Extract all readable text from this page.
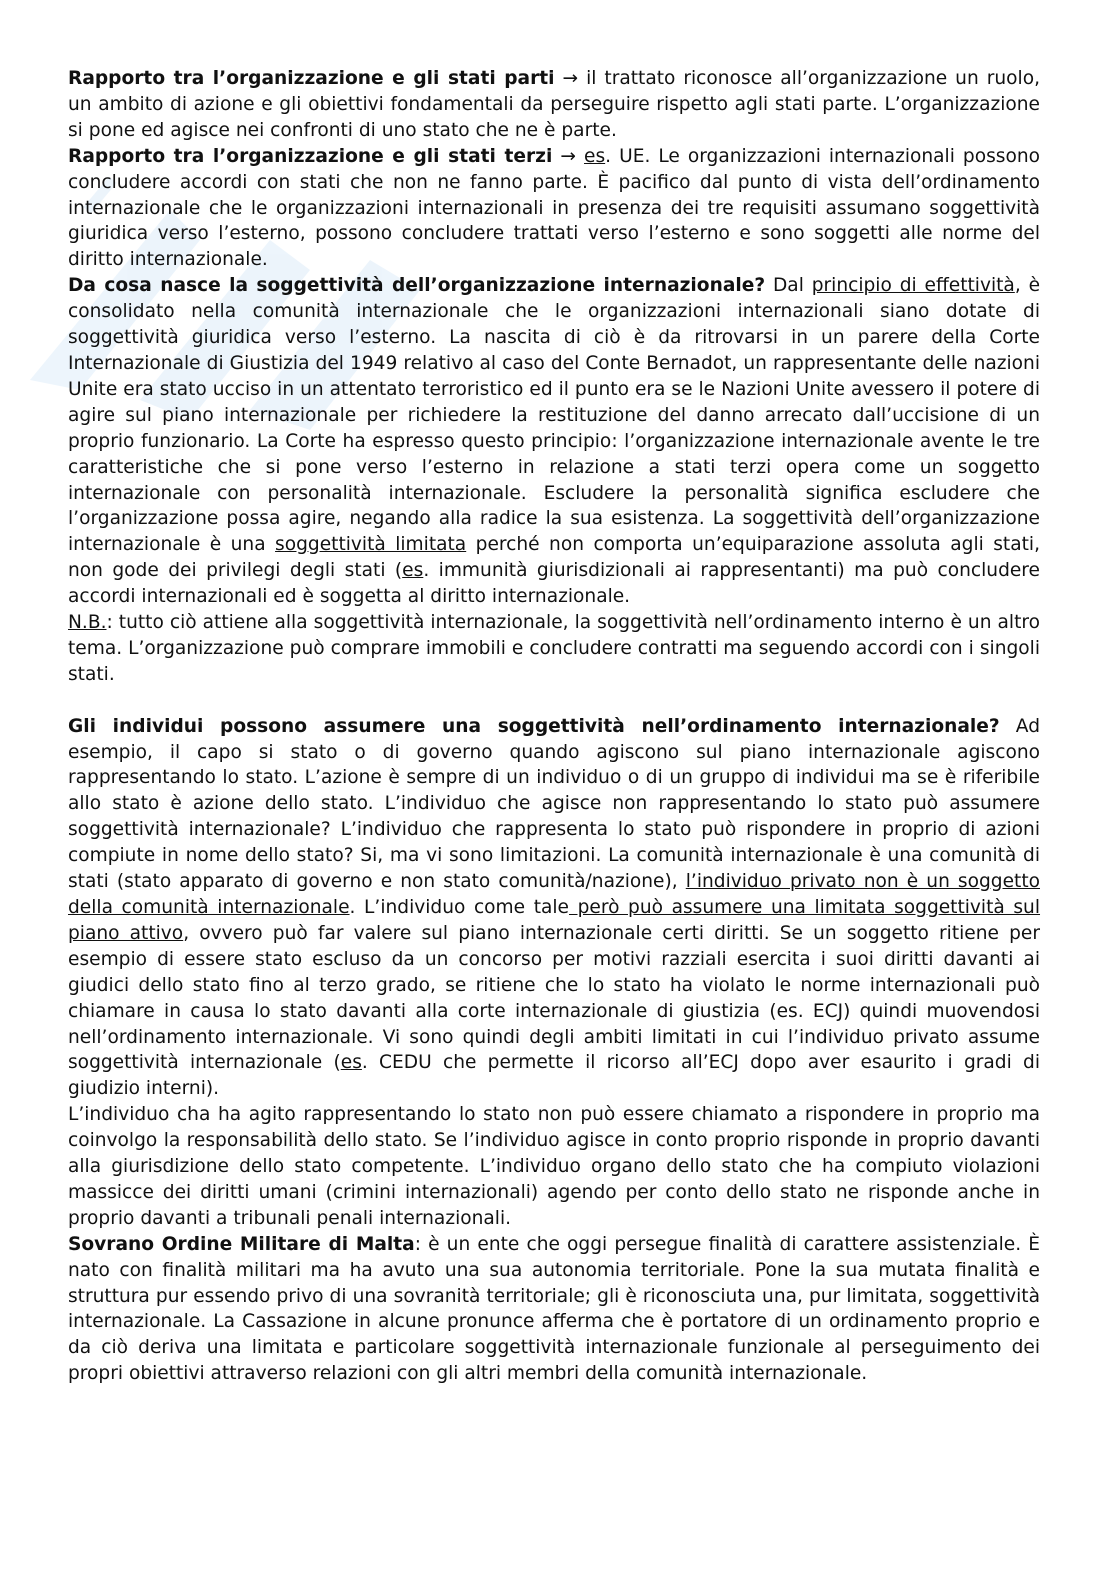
Rapporto tra l’organizzazione e gli stati parti → il trattato riconosce all’organizzazione un ruolo, un ambito di azione e gli obiettivi fondamentali da perseguire rispetto agli stati parte. L’organizzazione si pone ed agisce nei confronti di uno stato che ne è parte.

Rapporto tra l’organizzazione e gli stati terzi → es. UE. Le organizzazioni internazionali possono concludere accordi con stati che non ne fanno parte. È pacifico dal punto di vista dell’ordinamento internazionale che le organizzazioni internazionali in presenza dei tre requisiti assumano soggettività giuridica verso l’esterno, possono concludere trattati verso l’esterno e sono soggetti alle norme del diritto internazionale.

Da cosa nasce la soggettività dell’organizzazione internazionale? Dal principio di effettività, è consolidato nella comunità internazionale che le organizzazioni internazionali siano dotate di soggettività giuridica verso l’esterno. La nascita di ciò è da ritrovarsi in un parere della Corte Internazionale di Giustizia del 1949 relativo al caso del Conte Bernadot, un rappresentante delle nazioni Unite era stato ucciso in un attentato terroristico ed il punto era se le Nazioni Unite avessero il potere di agire sul piano internazionale per richiedere la restituzione del danno arrecato dall’uccisione di un proprio funzionario. La Corte ha espresso questo principio: l’organizzazione internazionale avente le tre caratteristiche che si pone verso l’esterno in relazione a stati terzi opera come un soggetto internazionale con personalità internazionale. Escludere la personalità significa escludere che l’organizzazione possa agire, negando alla radice la sua esistenza. La soggettività dell’organizzazione internazionale è una soggettività limitata perché non comporta un’equiparazione assoluta agli stati, non gode dei privilegi degli stati (es. immunità giurisdizionali ai rappresentanti) ma può concludere accordi internazionali ed è soggetta al diritto internazionale.

N.B.: tutto ciò attiene alla soggettività internazionale, la soggettività nell’ordinamento interno è un altro tema. L’organizzazione può comprare immobili e concludere contratti ma seguendo accordi con i singoli stati.

Gli individui possono assumere una soggettività nell’ordinamento internazionale? Ad esempio, il capo si stato o di governo quando agiscono sul piano internazionale agiscono rappresentando lo stato. L’azione è sempre di un individuo o di un gruppo di individui ma se è riferibile allo stato è azione dello stato. L’individuo che agisce non rappresentando lo stato può assumere soggettività internazionale? L’individuo che rappresenta lo stato può rispondere in proprio di azioni compiute in nome dello stato? Si, ma vi sono limitazioni. La comunità internazionale è una comunità di stati (stato apparato di governo e non stato comunità/nazione), l’individuo privato non è un soggetto della comunità internazionale. L’individuo come tale però può assumere una limitata soggettività sul piano attivo, ovvero può far valere sul piano internazionale certi diritti. Se un soggetto ritiene per esempio di essere stato escluso da un concorso per motivi razziali esercita i suoi diritti davanti ai giudici dello stato fino al terzo grado, se ritiene che lo stato ha violato le norme internazionali può chiamare in causa lo stato davanti alla corte internazionale di giustizia (es. ECJ) quindi muovendosi nell’ordinamento internazionale. Vi sono quindi degli ambiti limitati in cui l’individuo privato assume soggettività internazionale (es. CEDU che permette il ricorso all’ECJ dopo aver esaurito i gradi di giudizio interni).

L’individuo cha ha agito rappresentando lo stato non può essere chiamato a rispondere in proprio ma coinvolgo la responsabilità dello stato. Se l’individuo agisce in conto proprio risponde in proprio davanti alla giurisdizione dello stato competente. L’individuo organo dello stato che ha compiuto violazioni massicce dei diritti umani (crimini internazionali) agendo per conto dello stato ne risponde anche in proprio davanti a tribunali penali internazionali.

Sovrano Ordine Militare di Malta: è un ente che oggi persegue finalità di carattere assistenziale. È nato con finalità militari ma ha avuto una sua autonomia territoriale. Pone la sua mutata finalità e struttura pur essendo privo di una sovranità territoriale; gli è riconosciuta una, pur limitata, soggettività internazionale. La Cassazione in alcune pronunce afferma che è portatore di un ordinamento proprio e da ciò deriva una limitata e particolare soggettività internazionale funzionale al perseguimento dei propri obiettivi attraverso relazioni con gli altri membri della comunità internazionale.
